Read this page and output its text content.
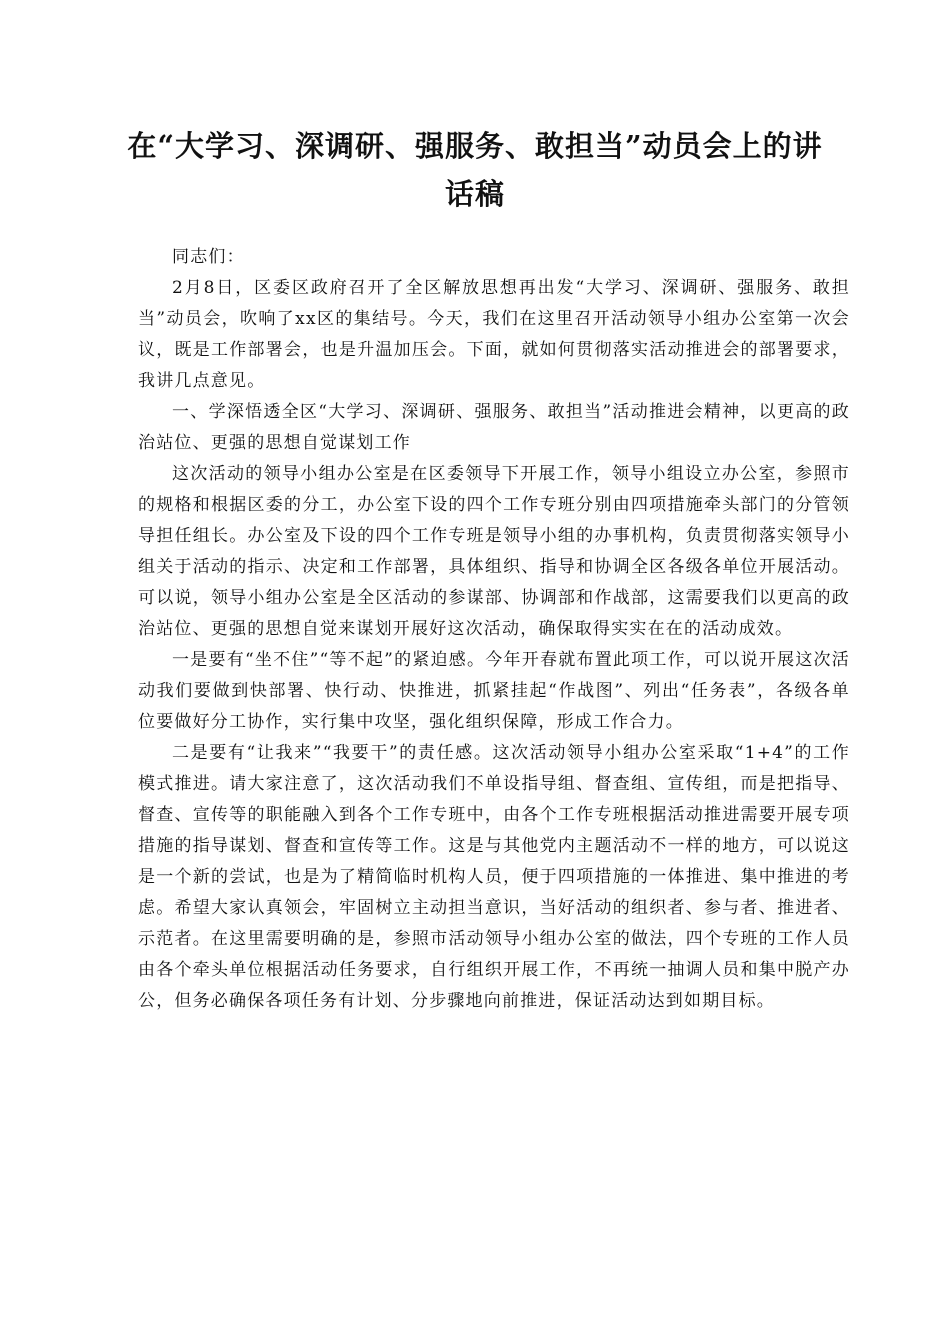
在“大学习、深调研、强服务、敢担当”动员会上的讲话稿

同志们：

2月8日，区委区政府召开了全区解放思想再出发“大学习、深调研、强服务、敢担当”动员会，吹响了xx区的集结号。今天，我们在这里召开活动领导小组办公室第一次会议，既是工作部署会，也是升温加压会。下面，就如何贯彻落实活动推进会的部署要求，我讲几点意见。

一、学深悟透全区“大学习、深调研、强服务、敢担当”活动推进会精神，以更高的政治站位、更强的思想自觉谋划工作

这次活动的领导小组办公室是在区委领导下开展工作，领导小组设立办公室，参照市的规格和根据区委的分工，办公室下设的四个工作专班分别由四项措施牵头部门的分管领导担任组长。办公室及下设的四个工作专班是领导小组的办事机构，负责贯彻落实领导小组关于活动的指示、决定和工作部署，具体组织、指导和协调全区各级各单位开展活动。可以说，领导小组办公室是全区活动的参谋部、协调部和作战部，这需要我们以更高的政治站位、更强的思想自觉来谋划开展好这次活动，确保取得实实在在的活动成效。

一是要有“坐不住”“等不起”的紧迫感。今年开春就布置此项工作，可以说开展这次活动我们要做到快部署、快行动、快推进，抓紧挂起“作战图”、列出“任务表”，各级各单位要做好分工协作，实行集中攻坚，强化组织保障，形成工作合力。

二是要有“让我来”“我要干”的责任感。这次活动领导小组办公室采取“1+4”的工作模式推进。请大家注意了，这次活动我们不单设指导组、督查组、宣传组，而是把指导、督查、宣传等的职能融入到各个工作专班中，由各个工作专班根据活动推进需要开展专项措施的指导谋划、督查和宣传等工作。这是与其他党内主题活动不一样的地方，可以说这是一个新的尝试，也是为了精简临时机构人员，便于四项措施的一体推进、集中推进的考虑。希望大家认真领会，牢固树立主动担当意识，当好活动的组织者、参与者、推进者、示范者。在这里需要明确的是，参照市活动领导小组办公室的做法，四个专班的工作人员由各个牵头单位根据活动任务要求，自行组织开展工作，不再统一抽调人员和集中脱产办公，但务必确保各项任务有计划、分步骤地向前推进，保证活动达到如期目标。
